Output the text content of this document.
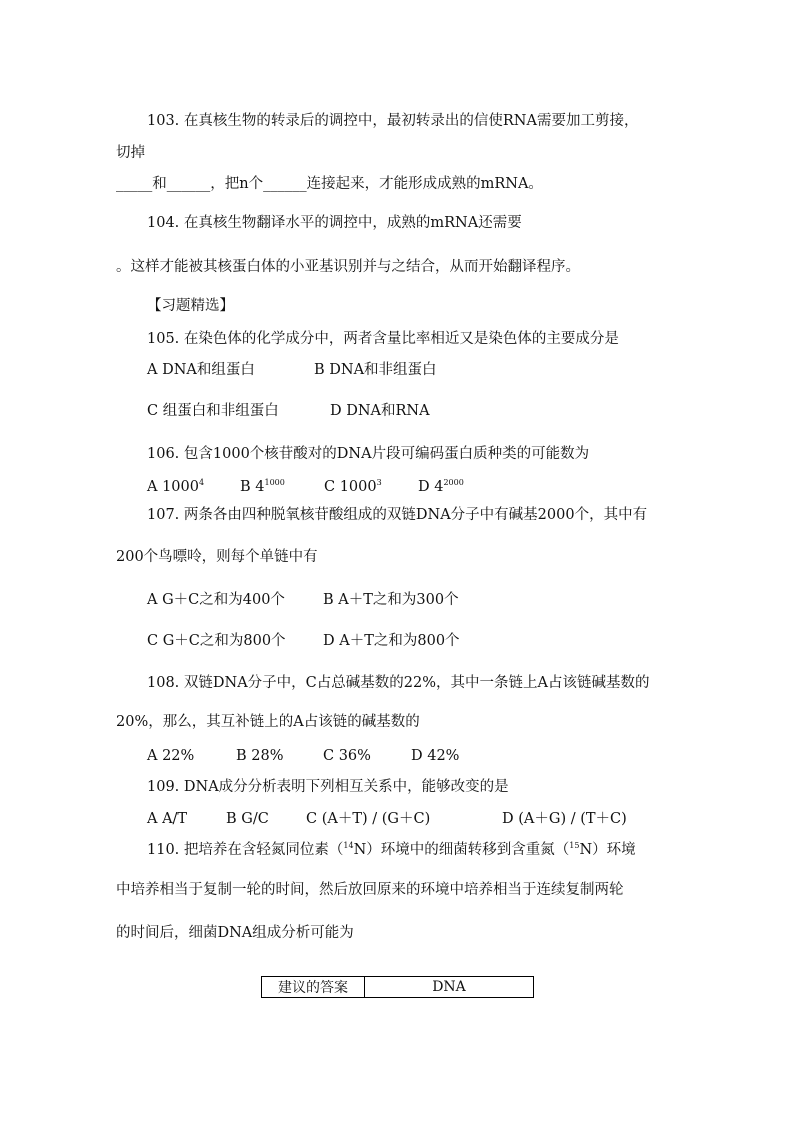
103. 在真核生物的转录后的调控中，最初转录出的信使RNA需要加工剪接，
切掉
_____和______，把n个______连接起来，才能形成成熟的mRNA。
104. 在真核生物翻译水平的调控中，成熟的mRNA还需要
。这样才能被其核蛋白体的小亚基识别并与之结合，从而开始翻译程序。
【习题精选】
105. 在染色体的化学成分中，两者含量比率相近又是染色体的主要成分是
A DNA和组蛋白	B DNA和非组蛋白
C 组蛋白和非组蛋白	D DNA和RNA
106. 包含1000个核苷酸对的DNA片段可编码蛋白质种类的可能数为
A 1000$^4$ B $4^{1000}$	C 1000$^3$	D $4^{2000}$
107. 两条各由四种脱氧核苷酸组成的双链DNA分子中有碱基2000个，其中有
200个鸟嘌呤，则每个单链中有
A G＋C之和为400个	B A＋T之和为300个
C G＋C之和为800个	D A＋T之和为800个
108. 双链DNA分子中，C占总碱基数的22%，其中一条链上A占该链碱基数的
20%，那么，其互补链上的A占该链的碱基数的
A 22%	B 28%	C 36%	D 42%
109. DNA成分分析表明下列相互关系中，能够改变的是
A A/T	B G/C	C (A＋T) / (G＋C)	D (A＋G) / (T＋C)
110. 把培养在含轻氮同位素（$^{14}$N）环境中的细菌转移到含重氮（$^{15}$N）环境
中培养相当于复制一轮的时间，然后放回原来的环境中培养相当于连续复制两轮
的时间后，细菌DNA组成分析可能为
建议的答案	DNA
